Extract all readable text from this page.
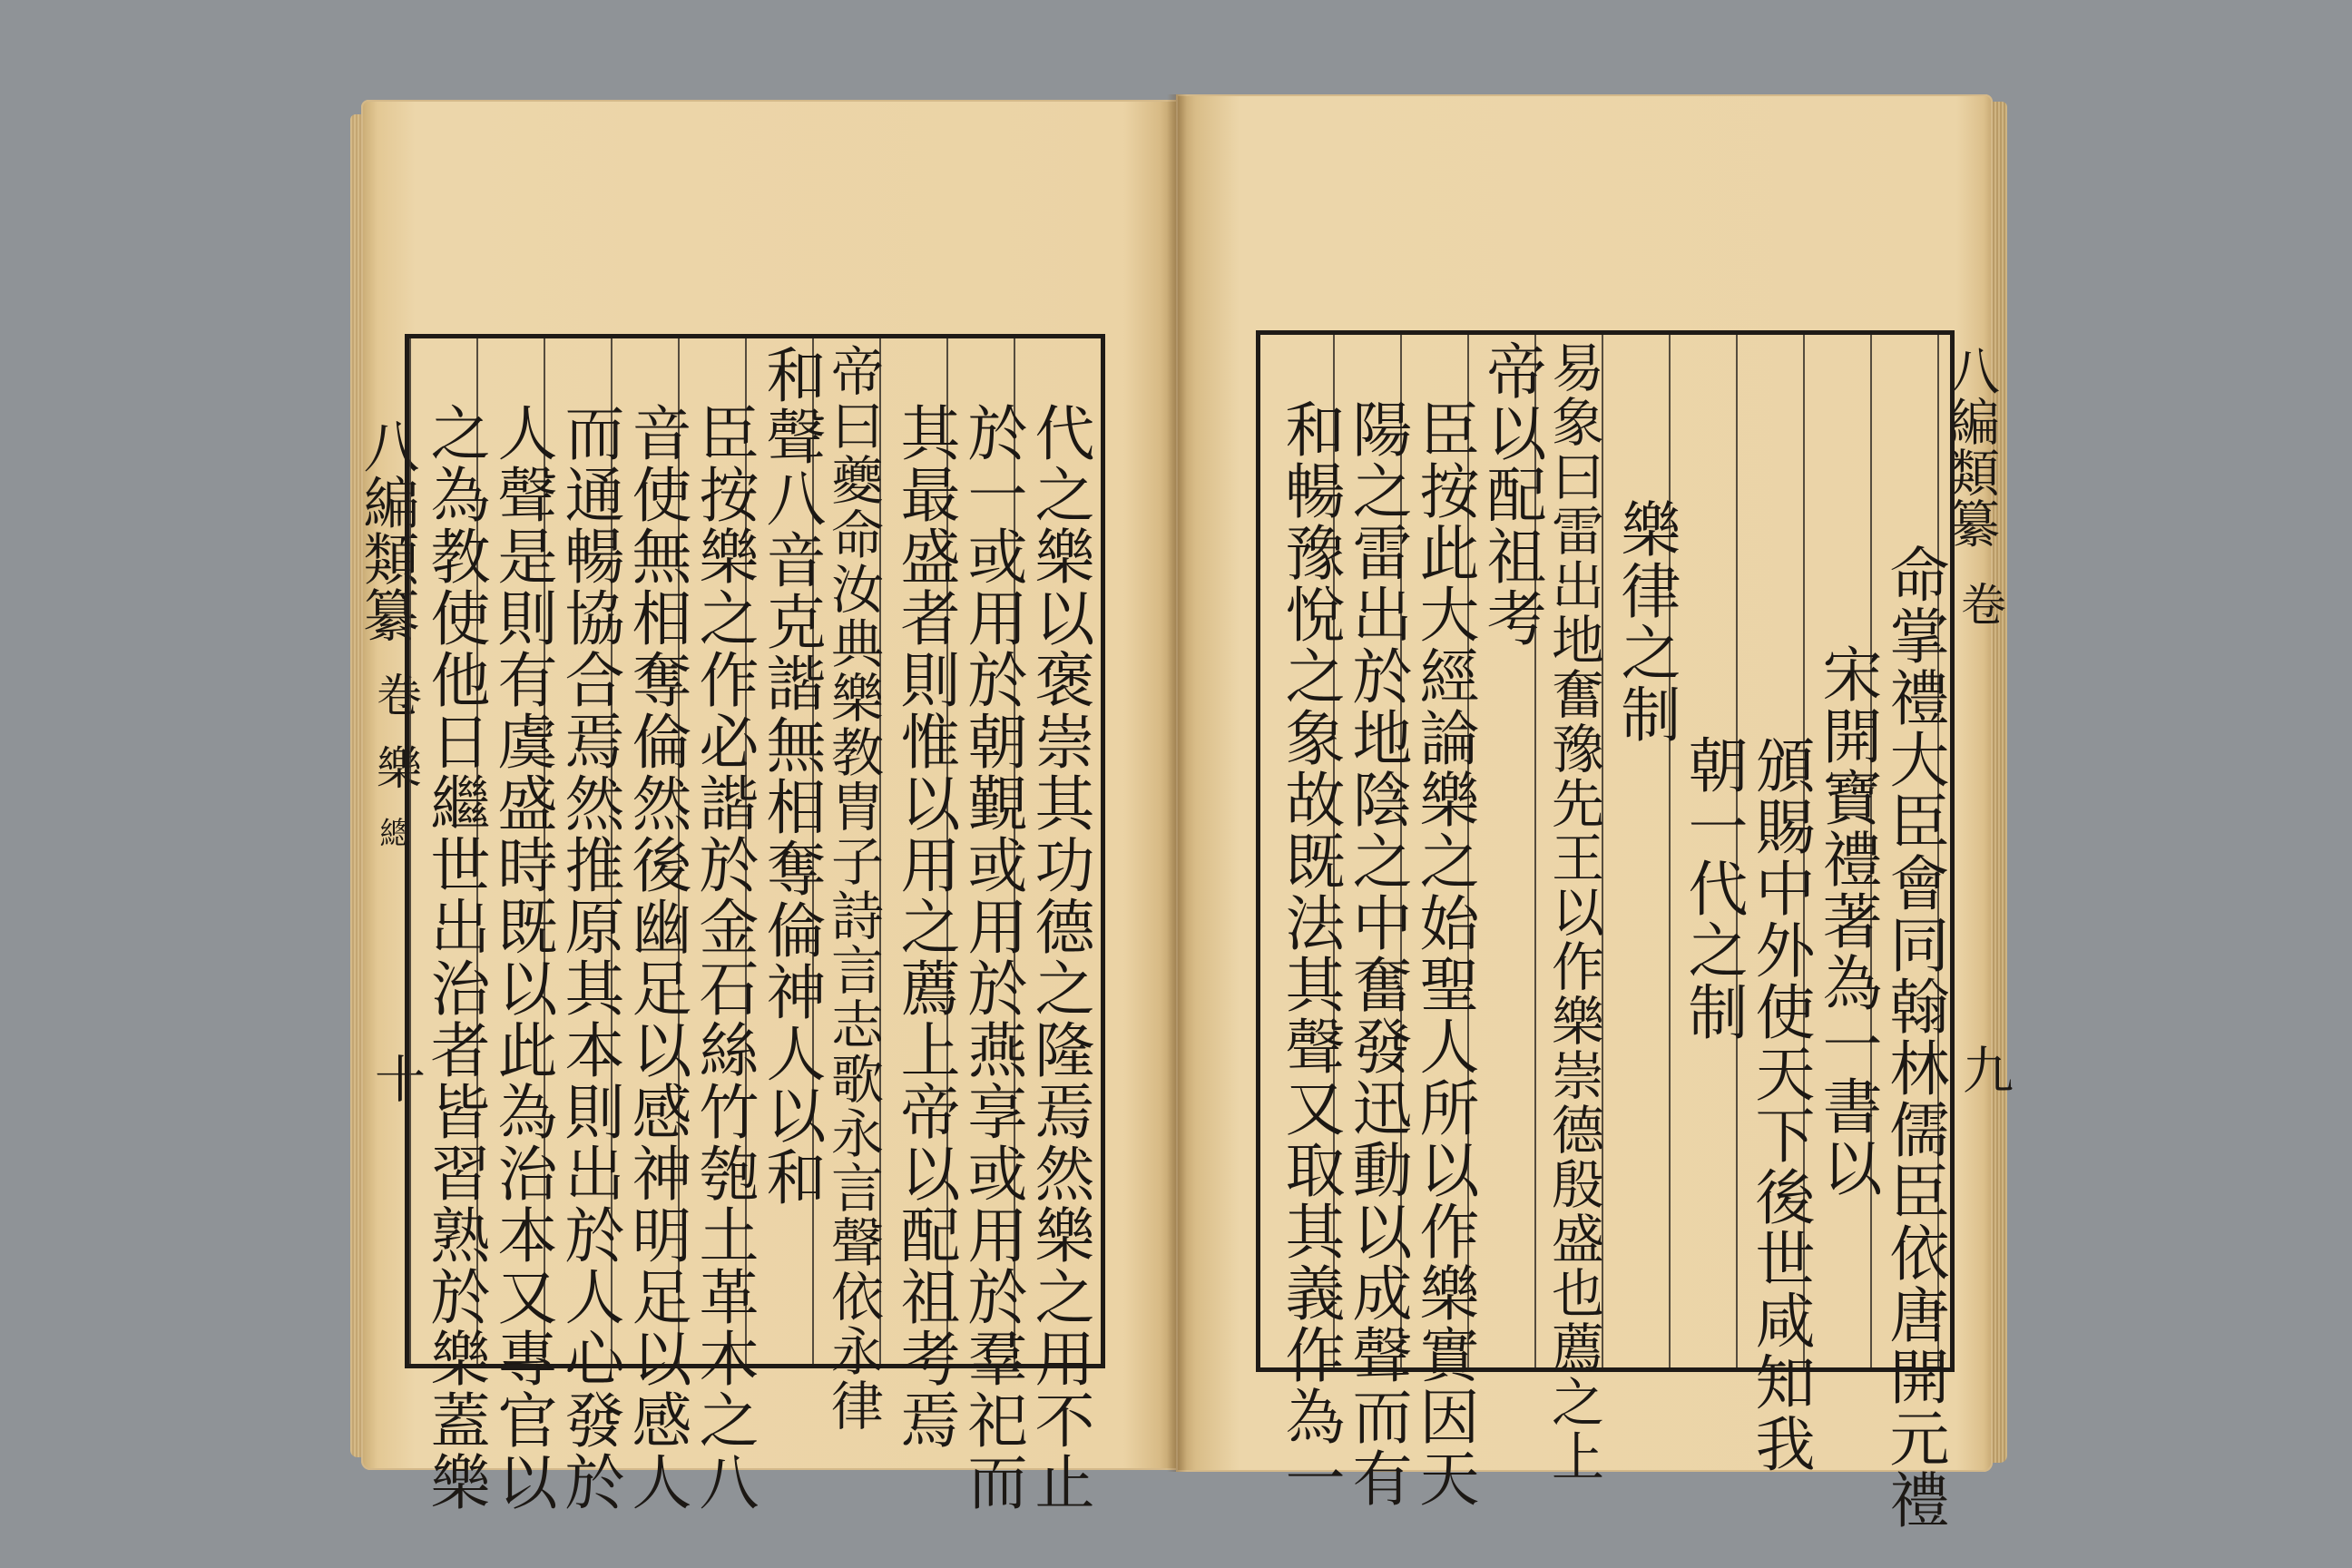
八編類纂
卷
樂
總
十	代之樂以褒崇其功德之隆焉然樂之用不止
於一或用於朝覲或用於燕享或用於羣祀而
其最盛者則惟以用之薦上帝以配祖考焉
帝曰夔命汝典樂教胄子詩言志歌永言聲依永律
和聲八音克諧無相奪倫神人以和
臣按樂之作必諧於金石絲竹匏土革木之八
音使無相奪倫然後幽足以感神明足以感人
而通暢協合焉然推原其本則出於人心發於
人聲是則有虞盛時既以此為治本又專官以
之為教使他日繼世出治者皆習熟於樂蓋樂	八編類纂
卷
九
命掌禮大臣會同翰林儒臣依唐開元禮
宋開寶禮著為一書以
頒賜中外使天下後世咸知我
朝一代之制
樂律之制
易象曰雷出地奮豫先王以作樂崇德殷盛也薦之上
帝以配祖考
臣按此大經論樂之始聖人所以作樂實因天
陽之雷出於地陰之中奮發迅動以成聲而有
和暢豫悅之象故既法其聲又取其義作為一
